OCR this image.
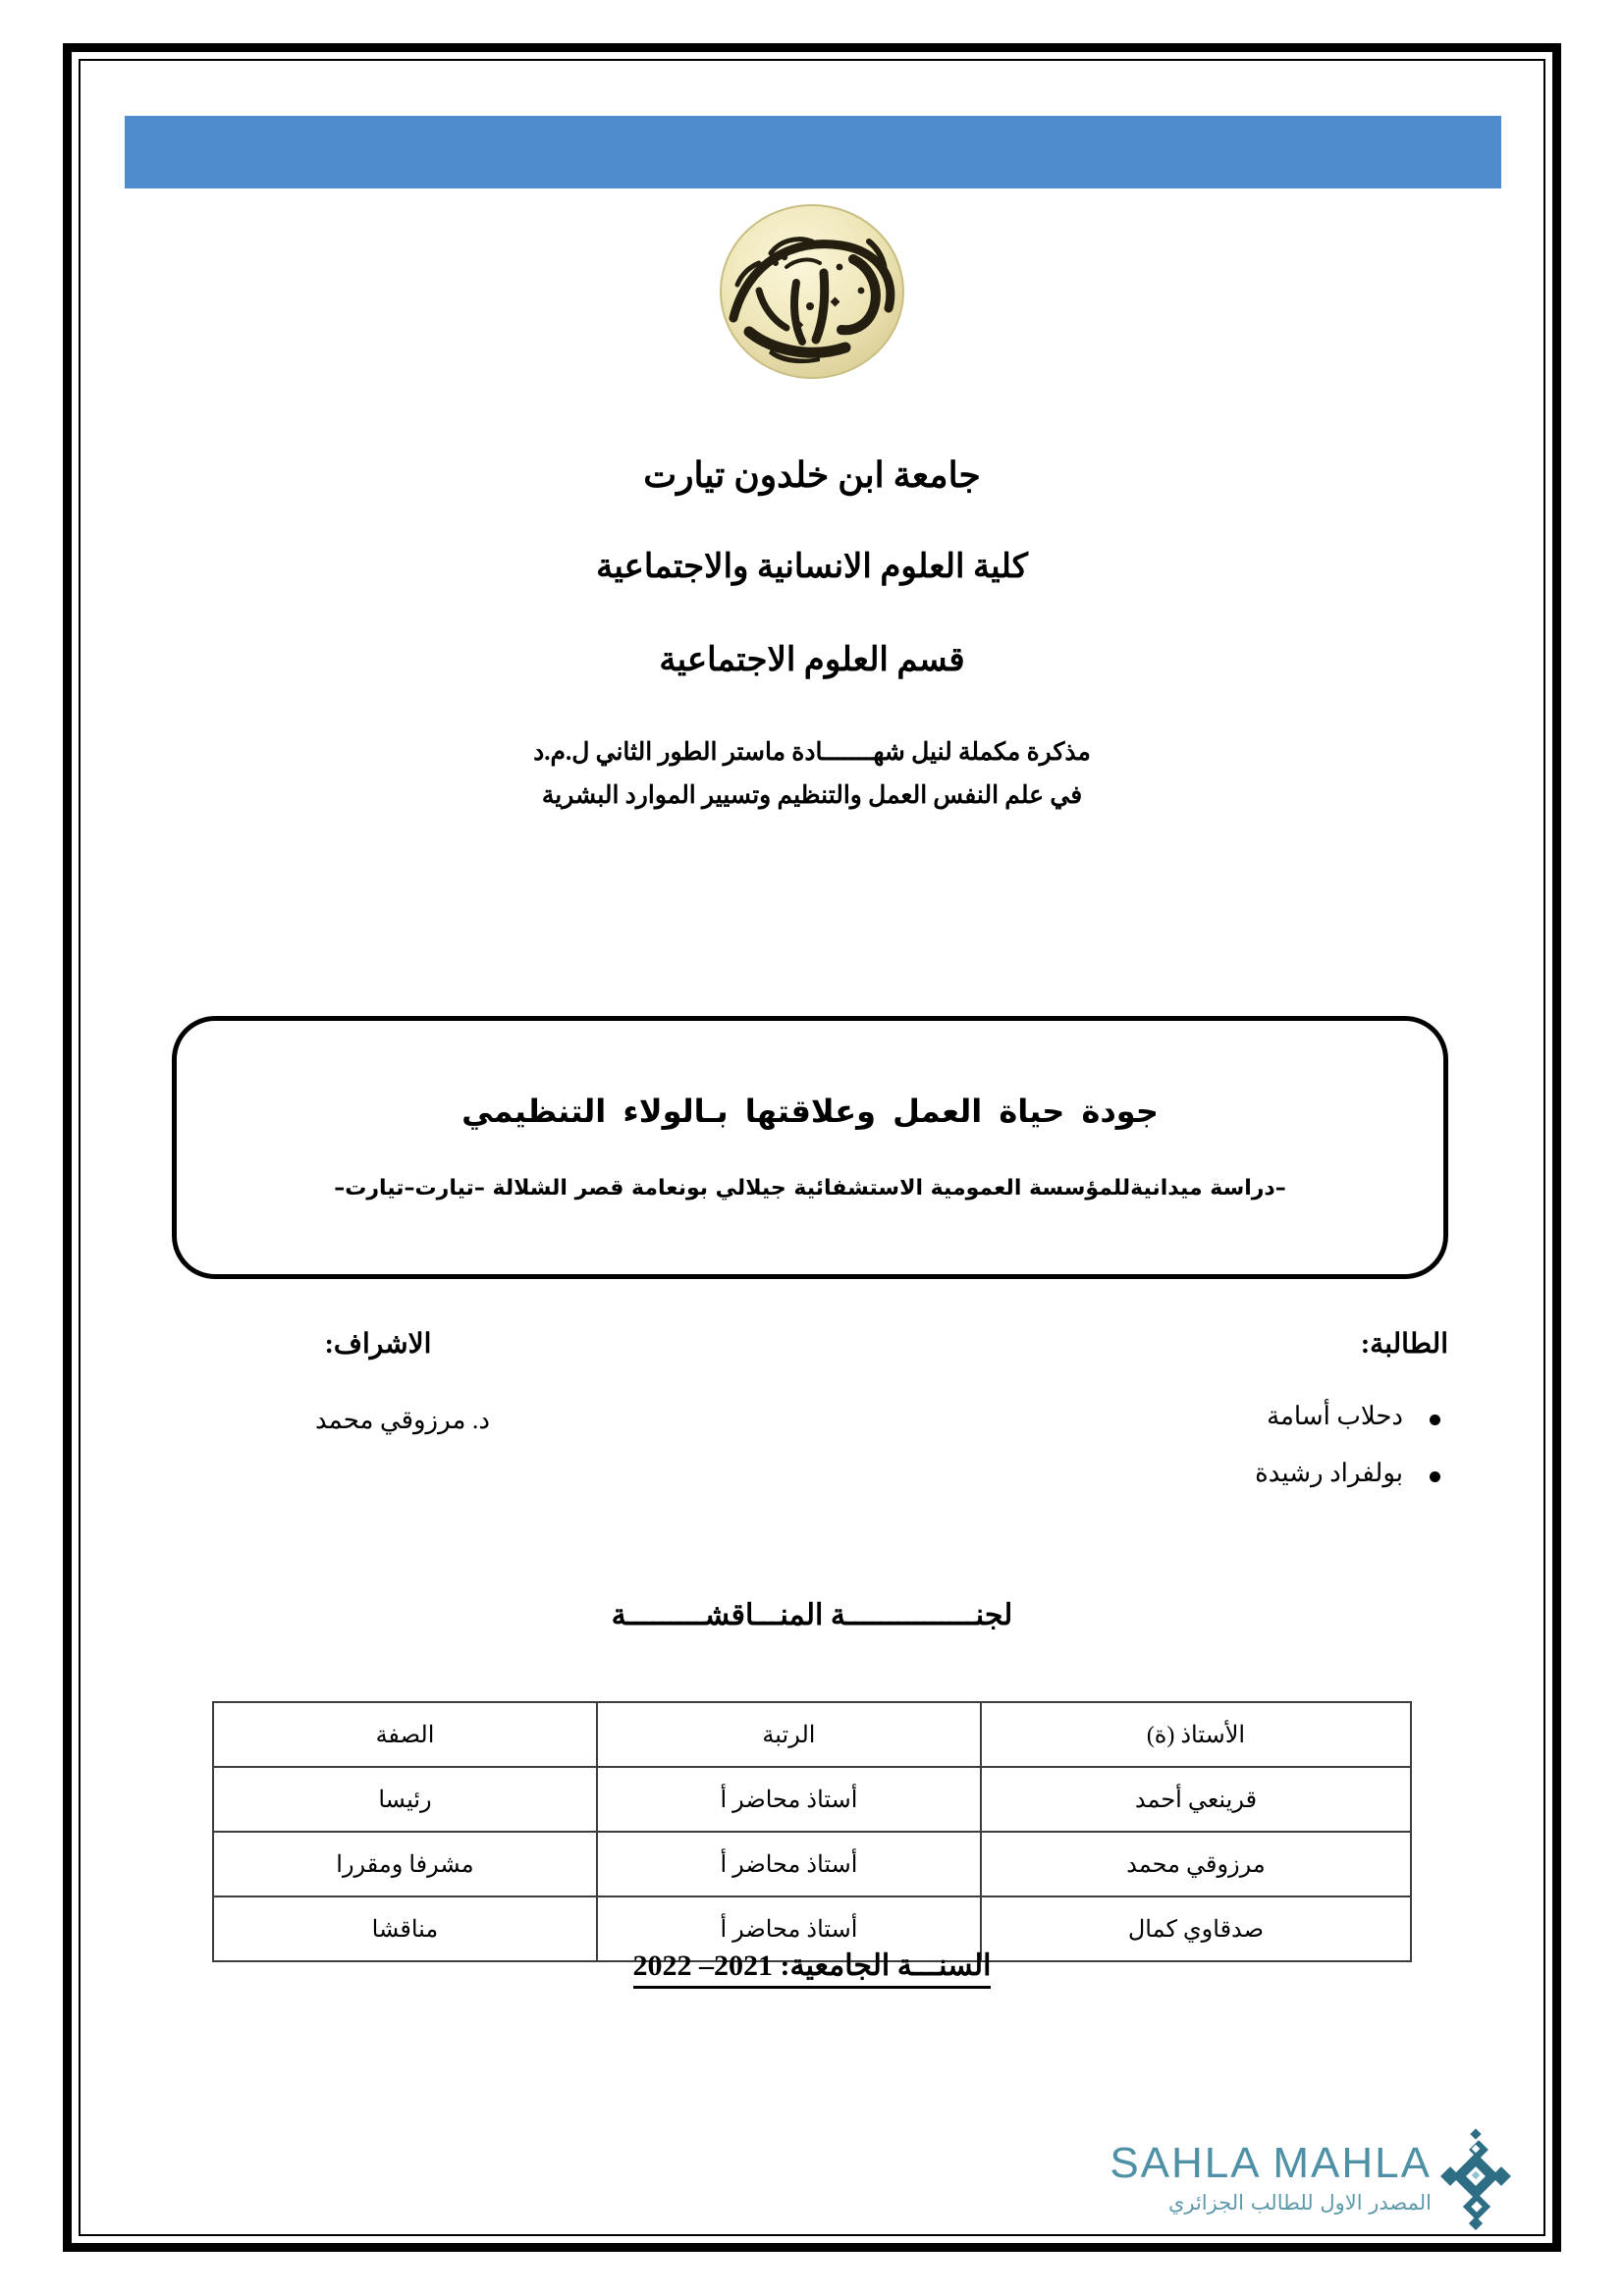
جامعة ابن خلدون تيارت
كلية العلوم الانسانية والاجتماعية
قسم العلوم الاجتماعية
مذكرة مكملة لنيل شهـــــــادة ماستر الطور الثاني ل.م.د
في علم النفس العمل والتنظيم وتسيير الموارد البشرية
جودة حياة العمل وعلاقتها بـالولاء التنظيمي
–دراسة ميدانيةللمؤسسة العمومية الاستشفائية جيلالي بونعامة قصر الشلالة –تيارت–تيارت–
الطالبة:
الاشراف:
دحلاب أسامة
بولفراد رشيدة
د. مرزوقي محمد
لجنـــــــــــــــة المنـــاقشـــــــــة
الأستاذ (ة)	الرتبة	الصفة
قرينعي أحمد	أستاذ محاضر أ	رئيسا
مرزوقي محمد	أستاذ محاضر أ	مشرفا ومقررا
صدقاوي كمال	أستاذ محاضر أ	مناقشا
السنـــة الجامعية: 2021– 2022
SAHLA MAHLA
المصدر الاول للطالب الجزائري
